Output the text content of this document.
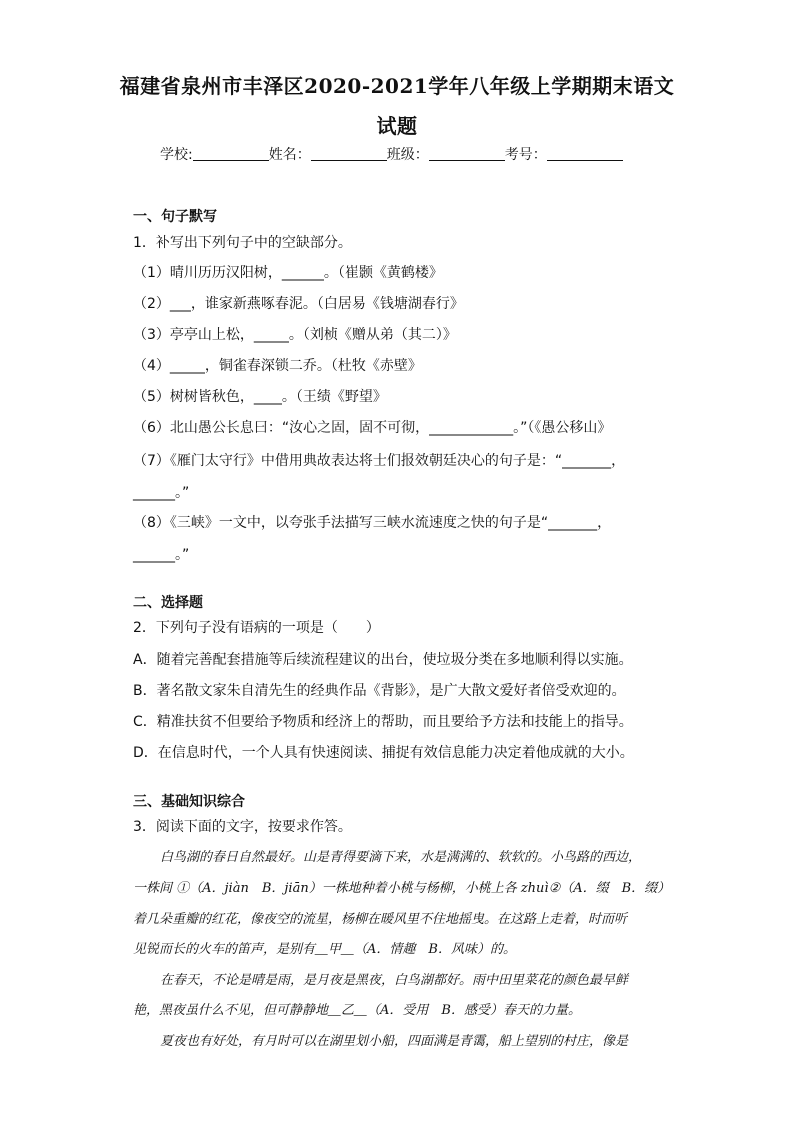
福建省泉州市丰泽区2020-2021学年八年级上学期期末语文
试题
学校:	姓名：	班级：	考号：
一、句子默写
1．补写出下列句子中的空缺部分。
（1）晴川历历汉阳树，______。（崔颢《黄鹤楼》
（2）___，谁家新燕啄春泥。（白居易《钱塘湖春行》
（3）亭亭山上松，_____。（刘桢《赠从弟（其二）》
（4）_____，铜雀春深锁二乔。（杜牧《赤壁》
（5）树树皆秋色，____。（王绩《野望》
（6）北山愚公长息曰：“汝心之固，固不可彻，____________。”（《愚公移山》
（7）《雁门太守行》中借用典故表达将士们报效朝廷决心的句子是：“_______，
______。”
（8）《三峡》一文中，以夸张手法描写三峡水流速度之快的句子是“_______，
______。”
二、选择题
2．下列句子没有语病的一项是（　　）
A．随着完善配套措施等后续流程建议的出台，使垃圾分类在多地顺利得以实施。
B．著名散文家朱自清先生的经典作品《背影》，是广大散文爱好者倍受欢迎的。
C．精准扶贫不但要给予物质和经济上的帮助，而且要给予方法和技能上的指导。
D．在信息时代，一个人具有快速阅读、捕捉有效信息能力决定着他成就的大小。
三、基础知识综合
3．阅读下面的文字，按要求作答。
白鸟湖的春日自然最好。山是青得要滴下来，水是满满的、软软的。小鸟路的西边，
一株间 ①（A．jiàn　B．jiān）一株地种着小桃与杨柳，小桃上各 zhuì②（A．缀　B．缀）
着几朵重瓣的红花，像夜空的流星，杨柳在暖风里不住地摇曳。在这路上走着，时而听
见锐而长的火车的笛声，是别有＿甲＿（A．情趣　B．风味）的。
在春天，不论是晴是雨，是月夜是黑夜，白鸟湖都好。雨中田里菜花的颜色最早鲜
艳，黑夜虽什么不见，但可静静地＿乙＿（A．受用　B．感受）春天的力量。
夏夜也有好处，有月时可以在湖里划小船，四面满是青霭，船上望别的村庄，像是
